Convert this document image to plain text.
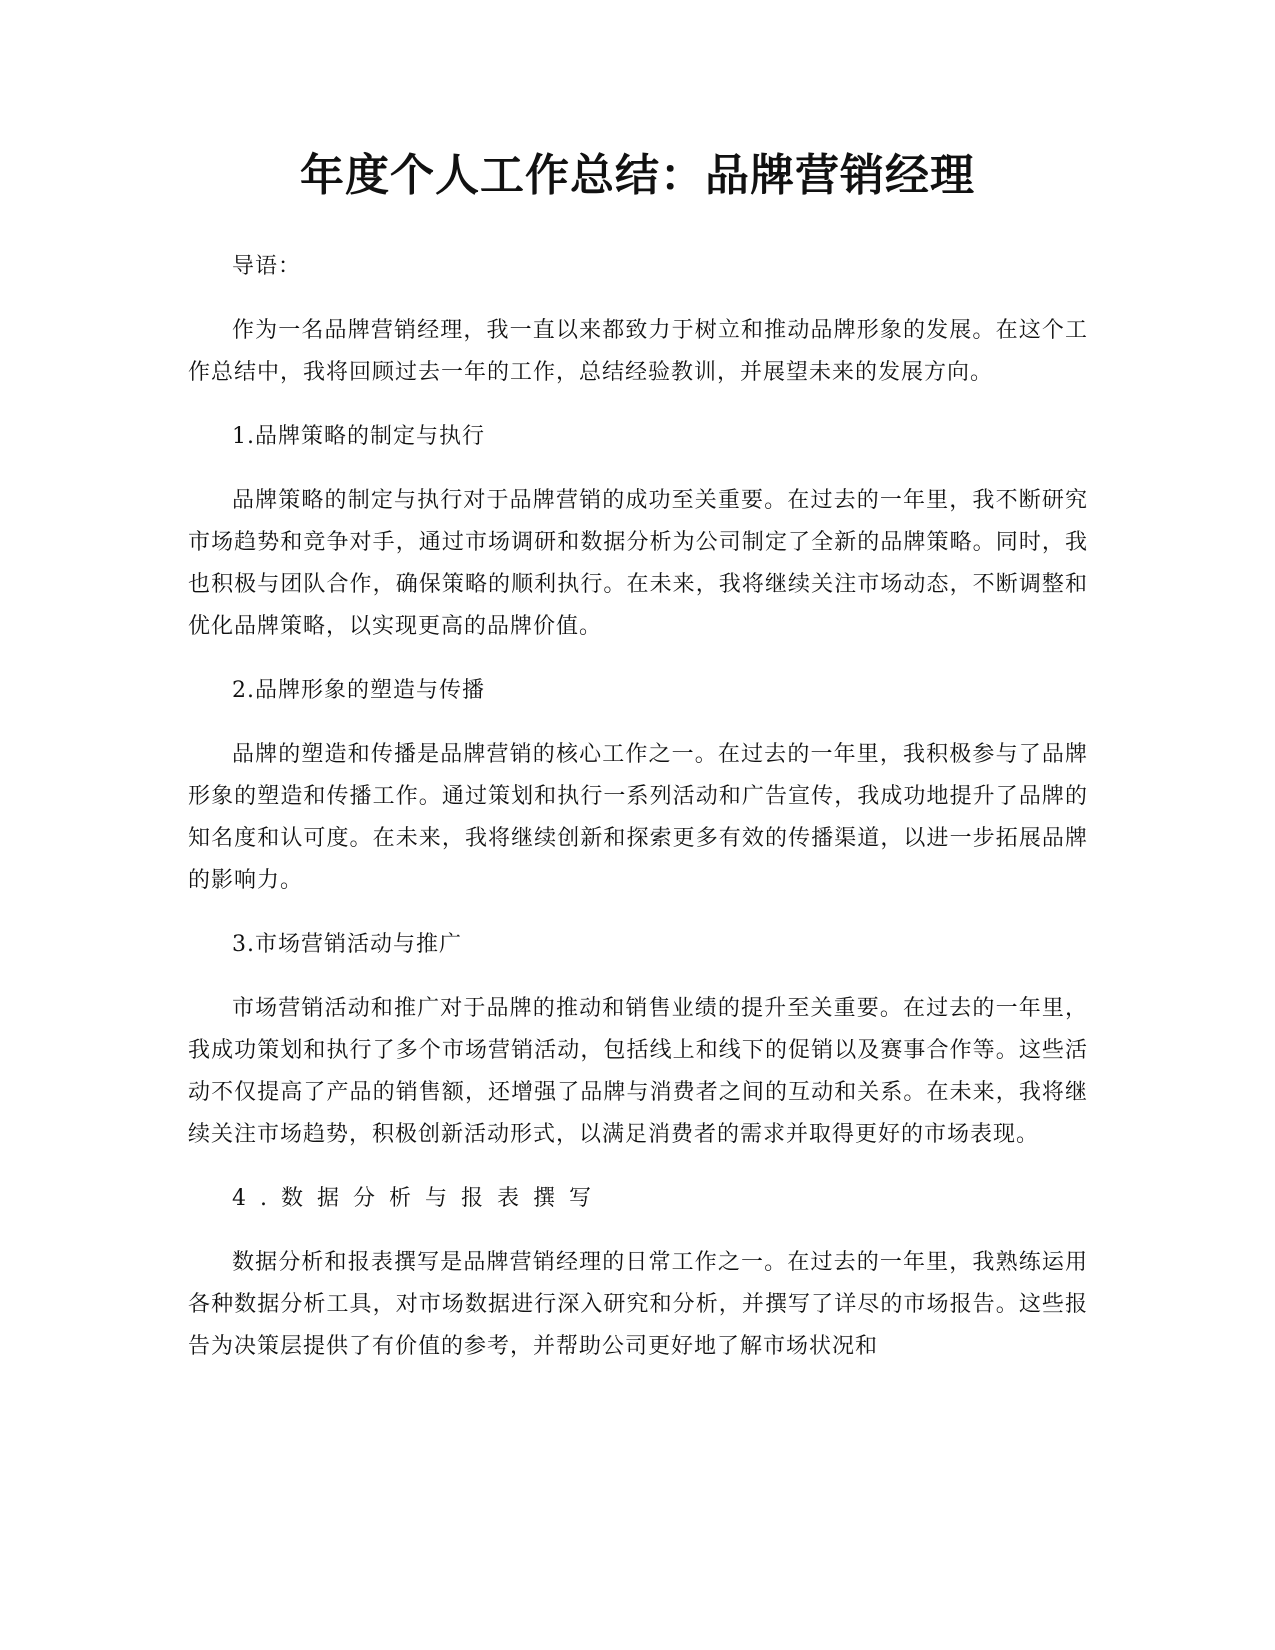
年度个人工作总结：品牌营销经理

导语：

作为一名品牌营销经理，我一直以来都致力于树立和推动品牌形象的发展。在这个工作总结中，我将回顾过去一年的工作，总结经验教训，并展望未来的发展方向。

1.品牌策略的制定与执行

品牌策略的制定与执行对于品牌营销的成功至关重要。在过去的一年里，我不断研究市场趋势和竞争对手，通过市场调研和数据分析为公司制定了全新的品牌策略。同时，我也积极与团队合作，确保策略的顺利执行。在未来，我将继续关注市场动态，不断调整和优化品牌策略，以实现更高的品牌价值。

2.品牌形象的塑造与传播

品牌的塑造和传播是品牌营销的核心工作之一。在过去的一年里，我积极参与了品牌形象的塑造和传播工作。通过策划和执行一系列活动和广告宣传，我成功地提升了品牌的知名度和认可度。在未来，我将继续创新和探索更多有效的传播渠道，以进一步拓展品牌的影响力。

3.市场营销活动与推广

市场营销活动和推广对于品牌的推动和销售业绩的提升至关重要。在过去的一年里，我成功策划和执行了多个市场营销活动，包括线上和线下的促销以及赛事合作等。这些活动不仅提高了产品的销售额，还增强了品牌与消费者之间的互动和关系。在未来，我将继续关注市场趋势，积极创新活动形式，以满足消费者的需求并取得更好的市场表现。

4.数据分析与报表撰写

数据分析和报表撰写是品牌营销经理的日常工作之一。在过去的一年里，我熟练运用各种数据分析工具，对市场数据进行深入研究和分析，并撰写了详尽的市场报告。这些报告为决策层提供了有价值的参考，并帮助公司更好地了解市场状况和
